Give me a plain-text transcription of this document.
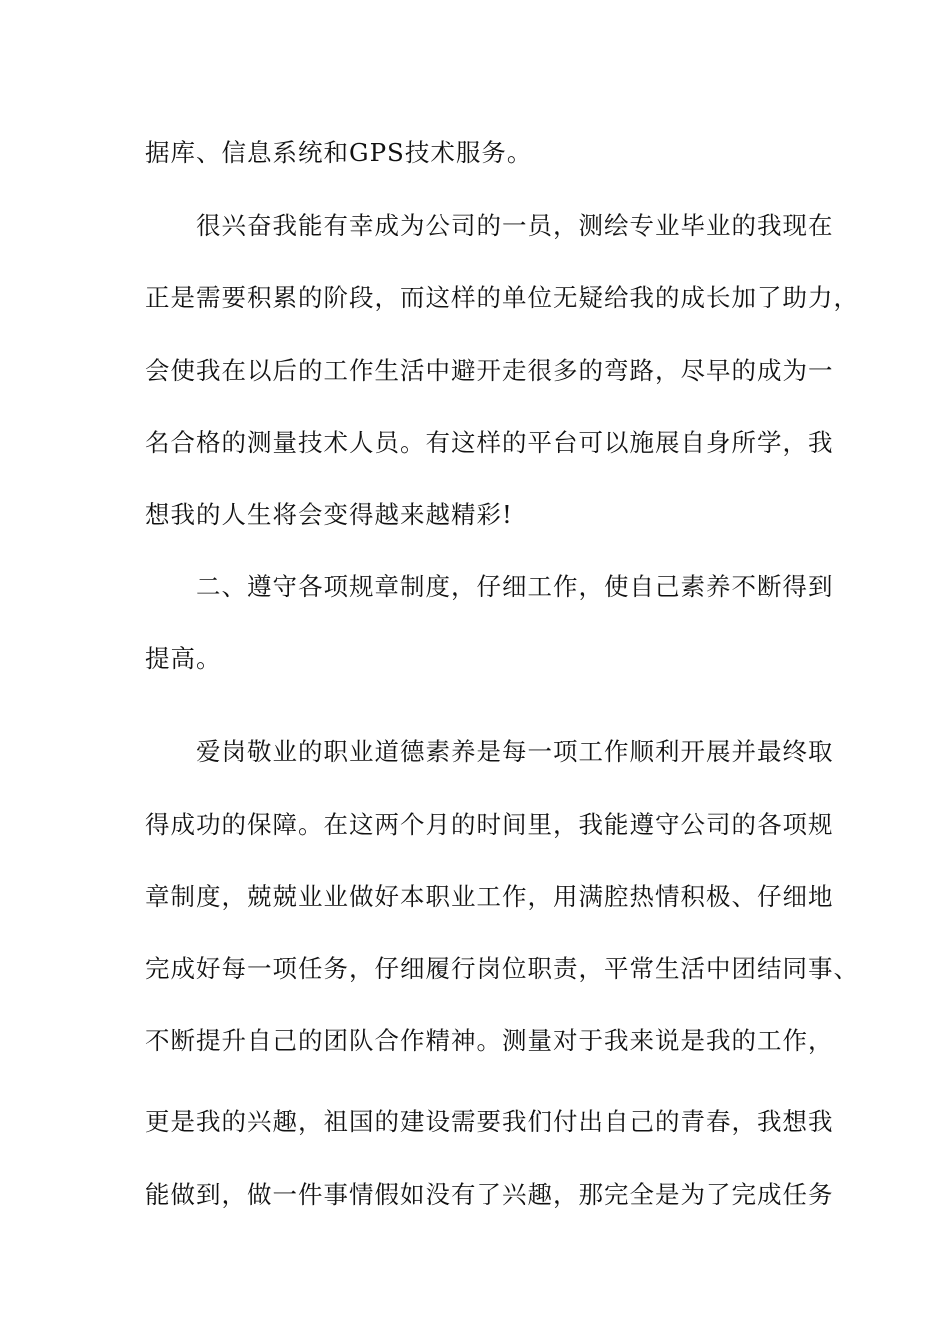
据库、信息系统和GPS技术服务。
很兴奋我能有幸成为公司的一员，测绘专业毕业的我现在
正是需要积累的阶段，而这样的单位无疑给我的成长加了助力，
会使我在以后的工作生活中避开走很多的弯路，尽早的成为一
名合格的测量技术人员。有这样的平台可以施展自身所学，我
想我的人生将会变得越来越精彩!
二、遵守各项规章制度，仔细工作，使自己素养不断得到
提高。
爱岗敬业的职业道德素养是每一项工作顺利开展并最终取
得成功的保障。在这两个月的时间里，我能遵守公司的各项规
章制度，兢兢业业做好本职业工作，用满腔热情积极、仔细地
完成好每一项任务，仔细履行岗位职责，平常生活中团结同事、
不断提升自己的团队合作精神。测量对于我来说是我的工作，
更是我的兴趣，祖国的建设需要我们付出自己的青春，我想我
能做到，做一件事情假如没有了兴趣，那完全是为了完成任务
